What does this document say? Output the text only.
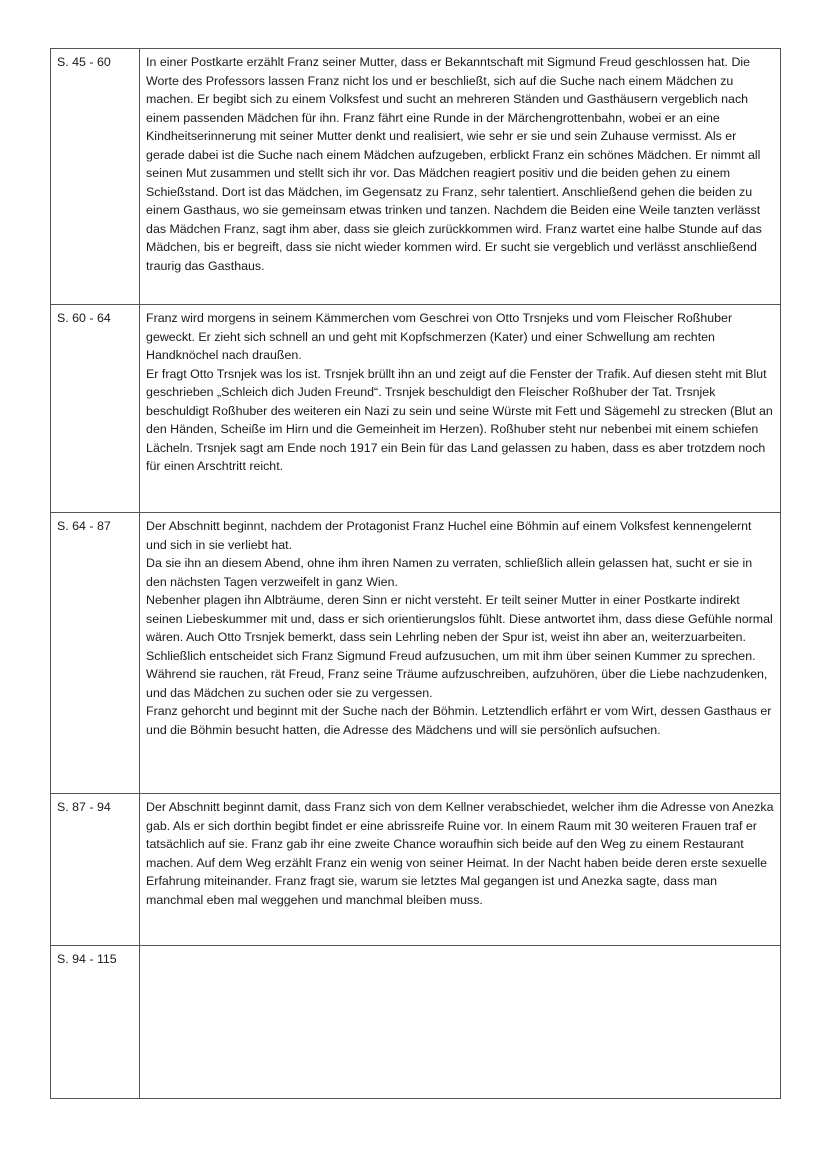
S. 45 - 60	In einer Postkarte erzählt Franz seiner Mutter, dass er Bekanntschaft mit Sigmund Freud geschlossen hat. Die Worte des Professors lassen Franz nicht los und er beschließt, sich auf die Suche nach einem Mädchen zu machen. Er begibt sich zu einem Volksfest und sucht an mehreren Ständen und Gasthäusern vergeblich nach einem passenden Mädchen für ihn. Franz fährt eine Runde in der Märchengrottenbahn, wobei er an eine Kindheitserinnerung mit seiner Mutter denkt und realisiert, wie sehr er sie und sein Zuhause vermisst. Als er gerade dabei ist die Suche nach einem Mädchen aufzugeben, erblickt Franz ein schönes Mädchen. Er nimmt all seinen Mut zusammen und stellt sich ihr vor. Das Mädchen reagiert positiv und die beiden gehen zu einem Schießstand. Dort ist das Mädchen, im Gegensatz zu Franz, sehr talentiert. Anschließend gehen die beiden zu einem Gasthaus, wo sie gemeinsam etwas trinken und tanzen. Nachdem die Beiden eine Weile tanzten verlässt das Mädchen Franz, sagt ihm aber, dass sie gleich zurückkommen wird. Franz wartet eine halbe Stunde auf das Mädchen, bis er begreift, dass sie nicht wieder kommen wird. Er sucht sie vergeblich und verlässt anschließend traurig das Gasthaus.
S. 60 - 64	Franz wird morgens in seinem Kämmerchen vom Geschrei von Otto Trsnjeks und vom Fleischer Roßhuber geweckt. Er zieht sich schnell an und geht mit Kopfschmerzen (Kater) und einer Schwellung am rechten Handknöchel nach draußen.
Er fragt Otto Trsnjek was los ist. Trsnjek brüllt ihn an und zeigt auf die Fenster der Trafik. Auf diesen steht mit Blut geschrieben „Schleich dich Juden Freund“. Trsnjek beschuldigt den Fleischer Roßhuber der Tat. Trsnjek beschuldigt Roßhuber des weiteren ein Nazi zu sein und seine Würste mit Fett und Sägemehl zu strecken (Blut an den Händen, Scheiße im Hirn und die Gemeinheit im Herzen). Roßhuber steht nur nebenbei mit einem schiefen Lächeln. Trsnjek sagt am Ende noch 1917 ein Bein für das Land gelassen zu haben, dass es aber trotzdem noch für einen Arschtritt reicht.
S. 64 - 87	Der Abschnitt beginnt, nachdem der Protagonist Franz Huchel eine Böhmin auf einem Volksfest kennengelernt und sich in sie verliebt hat.
Da sie ihn an diesem Abend, ohne ihm ihren Namen zu verraten, schließlich allein gelassen hat, sucht er sie in den nächsten Tagen verzweifelt in ganz Wien.
Nebenher plagen ihn Albträume, deren Sinn er nicht versteht. Er teilt seiner Mutter in einer Postkarte indirekt seinen Liebeskummer mit und, dass er sich orientierungslos fühlt. Diese antwortet ihm, dass diese Gefühle normal wären. Auch Otto Trsnjek bemerkt, dass sein Lehrling neben der Spur ist, weist ihn aber an, weiterzuarbeiten.
Schließlich entscheidet sich Franz Sigmund Freud aufzusuchen, um mit ihm über seinen Kummer zu sprechen. Während sie rauchen, rät Freud, Franz seine Träume aufzuschreiben, aufzuhören, über die Liebe nachzudenken, und das Mädchen zu suchen oder sie zu vergessen.
Franz gehorcht und beginnt mit der Suche nach der Böhmin. Letztendlich erfährt er vom Wirt, dessen Gasthaus er und die Böhmin besucht hatten, die Adresse des Mädchens und will sie persönlich aufsuchen.
S. 87 - 94	Der Abschnitt beginnt damit, dass Franz sich von dem Kellner verabschiedet, welcher ihm die Adresse von Anezka gab. Als er sich dorthin begibt findet er eine abrissreife Ruine vor. In einem Raum mit 30 weiteren Frauen traf er tatsächlich auf sie. Franz gab ihr eine zweite Chance woraufhin sich beide auf den Weg zu einem Restaurant machen. Auf dem Weg erzählt Franz ein wenig von seiner Heimat. In der Nacht haben beide deren erste sexuelle Erfahrung miteinander. Franz fragt sie, warum sie letztes Mal gegangen ist und Anezka sagte, dass man manchmal eben mal weggehen und manchmal bleiben muss.
S. 94 - 115	
